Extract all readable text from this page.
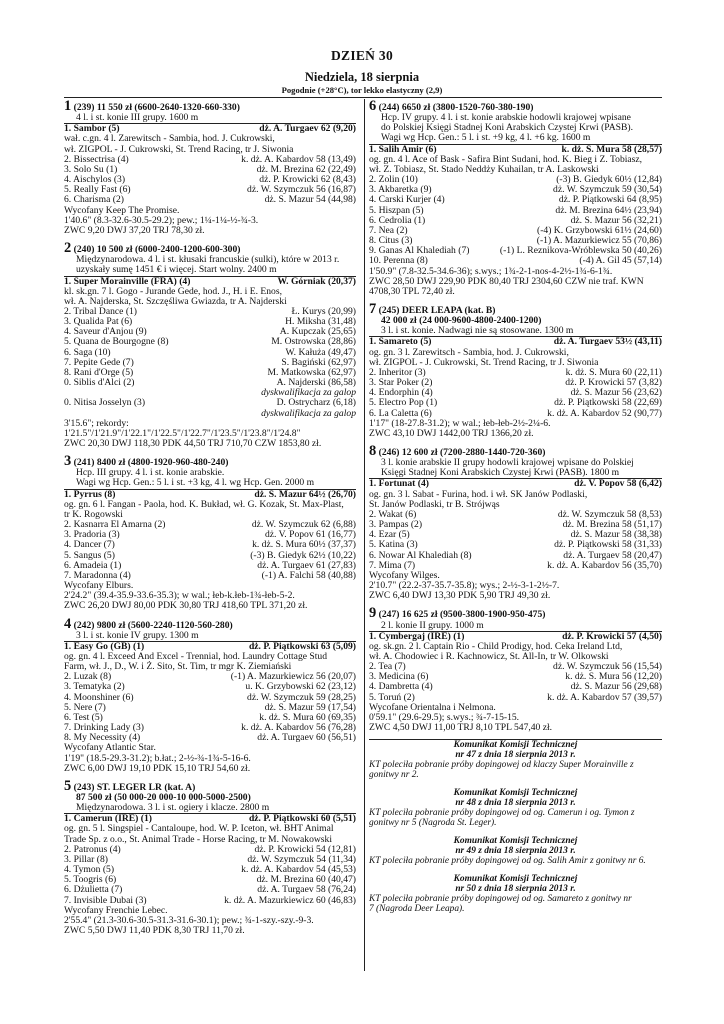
DZIEŃ 30
Niedziela, 18 sierpnia
Pogodnie (+28°C), tor lekko elastyczny (2,9)
1 (239) 11 550 zł (6600-2640-1320-660-330)
4 l. i st. konie III grupy. 1600 m
1. Sambor (5)	dż. A. Turgaev 62 (9,20)
wał. c.gn. 4 l. Zarewitsch - Sambia, hod. J. Cukrowski,
wł. ZIGPOL - J. Cukrowski, St. Trend Racing, tr J. Siwonia
2. Bissectrisa (4)	k. dż. A. Kabardov 58 (13,49)
3. Solo Su (1)	dż. M. Brezina 62 (22,49)
4. Aischylos (3)	dż. P. Krowicki 62 (8,43)
5. Really Fast (6)	dż. W. Szymczuk 56 (16,87)
6. Charisma (2)	dż. S. Mazur 54 (44,98)
Wycofany Keep The Promise.
1'40.6" (8.3-32.6-30.5-29.2); pew.; 1¼-1¼-½-¾-3.
ZWC 9,20 DWJ 37,20 TRJ 78,30 zł.
2 (240) 10 500 zł (6000-2400-1200-600-300)
Międzynarodowa. 4 l. i st. kłusaki francuskie (sulki), które w 2013 r.
uzyskały sumę 1451 € i więcej. Start wolny. 2400 m
1. Super Morainville (FRA) (4)	W. Górniak (20,37)
kl. sk.gn. 7 l. Gogo - Jurande Gede, hod. J., H. i E. Enos,
wł. A. Najderska, St. Szczęśliwa Gwiazda, tr A. Najderski
2. Tribal Dance (1)	Ł. Kurys (20,99)
3. Qualida Pat (6)	H. Miksha (31,48)
4. Saveur d'Anjou (9)	A. Kupczak (25,65)
5. Quana de Bourgogne (8)	M. Ostrowska (28,86)
6. Saga (10)	W. Kałuża (49,47)
7. Pepite Gede (7)	S. Bagiński (62,97)
8. Rani d'Orge (5)	M. Matkowska (62,97)
0. Siblis d'Alci (2)	A. Najderski (86,58)
dyskwalifikacja za galop
0. Nitisa Josselyn (3)	D. Ostrycharz (6,18)
dyskwalifikacja za galop
3'15.6"; rekordy:
1'21.5"/1'21.9"/1'22.1"/1'22.5"/1'22.7"/1'23.5"/1'23.8"/1'24.8"
ZWC 20,30 DWJ 118,30 PDK 44,50 TRJ 710,70 CZW 1853,80 zł.
3 (241) 8400 zł (4800-1920-960-480-240)
Hcp. III grupy. 4 l. i st. konie arabskie.
Wagi wg Hcp. Gen.: 5 l. i st. +3 kg, 4 l. wg Hcp. Gen. 2000 m
1. Pyrrus (8)	dż. S. Mazur 64½ (26,70)
og. gn. 6 l. Fangan - Paola, hod. K. Bukład, wł. G. Kozak, St. Max-Plast,
tr K. Rogowski
2. Kasnarra El Amarna (2)	dż. W. Szymczuk 62 (6,88)
3. Pradoria (3)	dż. V. Popov 61 (16,77)
4. Dancer (7)	k. dż. S. Mura 60½ (37,37)
5. Sangus (5)	(-3) B. Giedyk 62½ (10,22)
6. Amadeia (1)	dż. A. Turgaev 61 (27,83)
7. Maradonna (4)	(-1) A. Falchi 58 (40,88)
Wycofany Elburs.
2'24.2" (39.4-35.9-33.6-35.3); w wal.; łeb-k.łeb-1¾-łeb-5-2.
ZWC 26,20 DWJ 80,00 PDK 30,80 TRJ 418,60 TPL 371,20 zł.
4 (242) 9800 zł (5600-2240-1120-560-280)
3 l. i st. konie IV grupy. 1300 m
1. Easy Go (GB) (1)	dż. P. Piątkowski 63 (5,09)
og. gn. 4 l. Exceed And Excel - Trennial, hod. Laundry Cottage Stud
Farm, wł. J., D., W. i Ż. Sito, St. Tim, tr mgr K. Ziemiański
2. Luzak (8)	(-1) A. Mazurkiewicz 56 (20,07)
3. Tematyka (2)	u. K. Grzybowski 62 (23,12)
4. Moonshiner (6)	dż. W. Szymczuk 59 (28,25)
5. Nere (7)	dż. S. Mazur 59 (17,54)
6. Test (5)	k. dż. S. Mura 60 (69,35)
7. Drinking Lady (3)	k. dż. A. Kabardov 56 (76,28)
8. My Necessity (4)	dż. A. Turgaev 60 (56,51)
Wycofany Atlantic Star.
1'19" (18.5-29.3-31.2); b.łat.; 2-½-¾-1¾-5-16-6.
ZWC 6,00 DWJ 19,10 PDK 15,10 TRJ 54,60 zł.
5 (243) ST. LEGER LR (kat. A)
87 500 zł (50 000-20 000-10 000-5000-2500)
Międzynarodowa. 3 l. i st. ogiery i klacze. 2800 m
1. Camerun (IRE) (1)	dż. P. Piątkowski 60 (5,51)
og. gn. 5 l. Singspiel - Cantaloupe, hod. W. P. Iceton, wł. BHT Animal
Trade Sp. z o.o., St. Animal Trade - Horse Racing, tr M. Nowakowski
2. Patronus (4)	dż. P. Krowicki 54 (12,81)
3. Pillar (8)	dż. W. Szymczuk 54 (11,34)
4. Tymon (5)	k. dż. A. Kabardov 54 (45,53)
5. Toogris (6)	dż. M. Brezina 60 (40,47)
6. Dżulietta (7)	dż. A. Turgaev 58 (76,24)
7. Invisible Dubai (3)	k. dż. A. Mazurkiewicz 60 (46,83)
Wycofany Frenchie Lebec.
2'55.4" (21.3-30.6-30.5-31.3-31.6-30.1); pew.; ¾-1-szy.-szy.-9-3.
ZWC 5,50 DWJ 11,40 PDK 8,30 TRJ 11,70 zł.
6 (244) 6650 zł (3800-1520-760-380-190)
Hcp. IV grupy. 4 l. i st. konie arabskie hodowli krajowej wpisane
do Polskiej Księgi Stadnej Koni Arabskich Czystej Krwi (PASB).
Wagi wg Hcp. Gen.: 5 l. i st. +9 kg, 4 l. +6 kg. 1600 m
1. Salih Amir (6)	k. dż. S. Mura 58 (28,57)
og. gn. 4 l. Ace of Bask - Safira Bint Sudani, hod. K. Bieg i Z. Tobiasz,
wł. Z. Tobiasz, St. Stado Neddży Kuhailan, tr A. Laskowski
2. Zolin (10)	(-3) B. Giedyk 60½ (12,84)
3. Akbaretka (9)	dż. W. Szymczuk 59 (30,54)
4. Carski Kurjer (4)	dż. P. Piątkowski 64 (8,95)
5. Hiszpan (5)	dż. M. Brezina 64½ (23,94)
6. Cedrolia (1)	dż. S. Mazur 56 (32,21)
7. Nea (2)	(-4) K. Grzybowski 61½ (24,60)
8. Citus (3)	(-1) A. Mazurkiewicz 55 (70,86)
9. Ganas Al Khalediah (7)	(-1) L. Reznikova-Wróblewska 50 (40,26)
10. Perenna (8)	(-4) A. Gil 45 (57,14)
1'50.9" (7.8-32.5-34.6-36); s.wys.; 1¾-2-1-nos-4-2½-1¾-6-1¾.
ZWC 28,50 DWJ 229,90 PDK 80,40 TRJ 2304,60 CZW nie traf. KWN
4708,30 TPL 72,40 zł.
7 (245) DEER LEAPA (kat. B)
42 000 zł (24 000-9600-4800-2400-1200)
3 l. i st. konie. Nadwagi nie są stosowane. 1300 m
1. Samareto (5)	dż. A. Turgaev 53½ (43,11)
og. gn. 3 l. Zarewitsch - Sambia, hod. J. Cukrowski,
wł. ZIGPOL - J. Cukrowski, St. Trend Racing, tr J. Siwonia
2. Inheritor (3)	k. dż. S. Mura 60 (22,11)
3. Star Poker (2)	dż. P. Krowicki 57 (3,82)
4. Endorphin (4)	dż. S. Mazur 56 (23,62)
5. Electro Pop (1)	dż. P. Piątkowski 58 (22,69)
6. La Caletta (6)	k. dż. A. Kabardov 52 (90,77)
1'17" (18-27.8-31.2); w wal.; łeb-łeb-2½-2¼-6.
ZWC 43,10 DWJ 1442,00 TRJ 1366,20 zł.
8 (246) 12 600 zł (7200-2880-1440-720-360)
3 l. konie arabskie II grupy hodowli krajowej wpisane do Polskiej
Księgi Stadnej Koni Arabskich Czystej Krwi (PASB). 1800 m
1. Fortunat (4)	dż. V. Popov 58 (6,42)
og. gn. 3 l. Sabat - Furina, hod. i wł. SK Janów Podlaski,
St. Janów Podlaski, tr B. Strójwąs
2. Wakat (6)	dż. W. Szymczuk 58 (8,53)
3. Pampas (2)	dż. M. Brezina 58 (51,17)
4. Ezar (5)	dż. S. Mazur 58 (38,38)
5. Katina (3)	dż. P. Piątkowski 58 (31,33)
6. Nowar Al Khalediah (8)	dż. A. Turgaev 58 (20,47)
7. Mima (7)	k. dż. A. Kabardov 56 (35,70)
Wycofany Wilges.
2'10.7" (22.2-37-35.7-35.8); wys.; 2-½-3-1-2½-7.
ZWC 6,40 DWJ 13,30 PDK 5,90 TRJ 49,30 zł.
9 (247) 16 625 zł (9500-3800-1900-950-475)
2 l. konie II grupy. 1000 m
1. Cymbergaj (IRE) (1)	dż. P. Krowicki 57 (4,50)
og. sk.gn. 2 l. Captain Rio - Child Prodigy, hod. Ceka Ireland Ltd,
wł. A. Chodowiec i R. Kachnowicz, St. All-In, tr W. Olkowski
2. Tea (7)	dż. W. Szymczuk 56 (15,54)
3. Medicina (6)	k. dż. S. Mura 56 (12,20)
4. Dambretta (4)	dż. S. Mazur 56 (29,68)
5. Toruń (2)	k. dż. A. Kabardov 57 (39,57)
Wycofane Orientalna i Nelmona.
0'59.1" (29.6-29.5); s.wys.; ¾-7-15-15.
ZWC 4,50 DWJ 11,00 TRJ 8,10 TPL 547,40 zł.
Komunikat Komisji Technicznej
nr 47 z dnia 18 sierpnia 2013 r.
KT poleciła pobranie próby dopingowej od klaczy Super Morainville z
gonitwy nr 2.
Komunikat Komisji Technicznej
nr 48 z dnia 18 sierpnia 2013 r.
KT poleciła pobranie próby dopingowej od og. Camerun i og. Tymon z
gonitwy nr 5 (Nagroda St. Leger).
Komunikat Komisji Technicznej
nr 49 z dnia 18 sierpnia 2013 r.
KT poleciła pobranie próby dopingowej od og. Salih Amir z gonitwy nr 6.
Komunikat Komisji Technicznej
nr 50 z dnia 18 sierpnia 2013 r.
KT poleciła pobranie próby dopingowej od og. Samareto z gonitwy nr
7 (Nagroda Deer Leapa).
